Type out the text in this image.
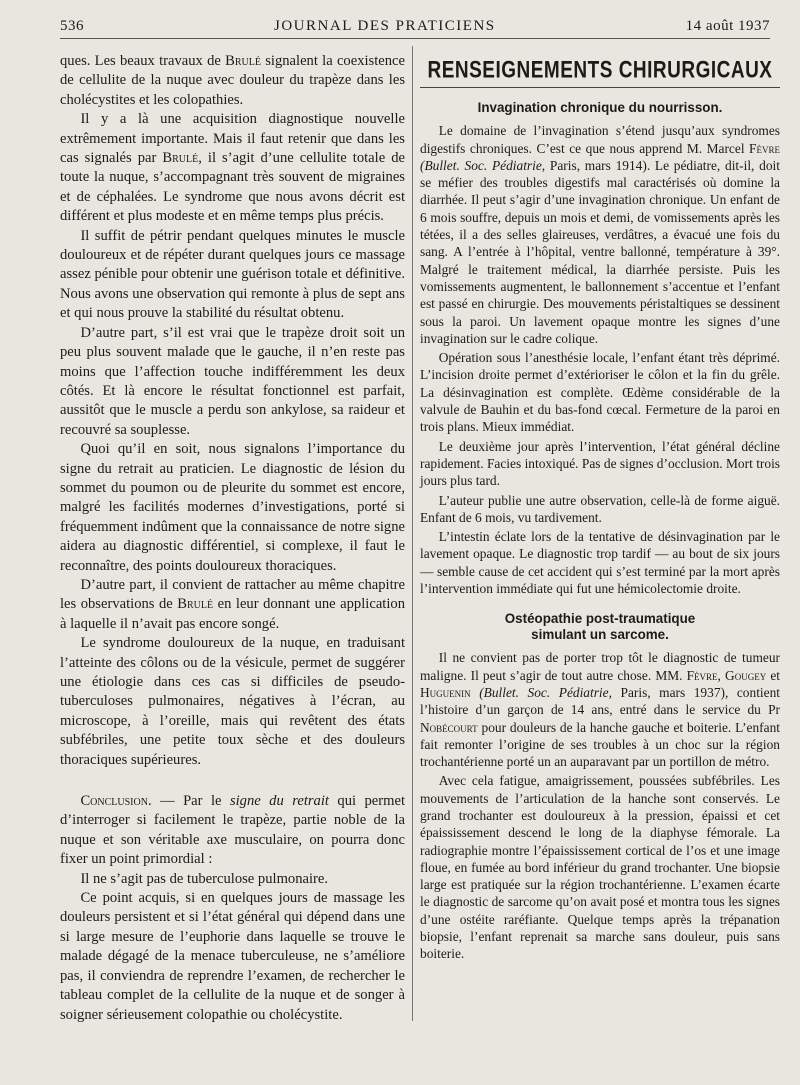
536	JOURNAL DES PRATICIENS	14 août 1937

ques. Les beaux travaux de Brulé signalent la coexistence de cellulite de la nuque avec douleur du trapèze dans les cholécystites et les colopathies.

Il y a là une acquisition diagnostique nouvelle extrêmement importante. Mais il faut retenir que dans les cas signalés par Brulé, il s’agit d’une cellulite totale de toute la nuque, s’accompagnant très souvent de migraines et de céphalées. Le syndrome que nous avons décrit est différent et plus modeste et en même temps plus précis.

Il suffit de pétrir pendant quelques minutes le muscle douloureux et de répéter durant quelques jours ce massage assez pénible pour obtenir une guérison totale et définitive. Nous avons une observation qui remonte à plus de sept ans et qui nous prouve la stabilité du résultat obtenu.

D’autre part, s’il est vrai que le trapèze droit soit un peu plus souvent malade que le gauche, il n’en reste pas moins que l’affection touche indifféremment les deux côtés. Et là encore le résultat fonctionnel est parfait, aussitôt que le muscle a perdu son ankylose, sa raideur et recouvré sa souplesse.

Quoi qu’il en soit, nous signalons l’importance du signe du retrait au praticien. Le diagnostic de lésion du sommet du poumon ou de pleurite du sommet est encore, malgré les facilités modernes d’investigations, porté si fréquemment indûment que la connaissance de notre signe aidera au diagnostic différentiel, si complexe, il faut le reconnaître, des points douloureux thoraciques.

D’autre part, il convient de rattacher au même chapitre les observations de Brulé en leur donnant une application à laquelle il n’avait pas encore songé.

Le syndrome douloureux de la nuque, en traduisant l’atteinte des côlons ou de la vésicule, permet de suggérer une étiologie dans ces cas si difficiles de pseudo-tuberculoses pulmonaires, négatives à l’écran, au microscope, à l’oreille, mais qui revêtent des états subfébriles, une petite toux sèche et des douleurs thoraciques supérieures.

Conclusion. — Par le signe du retrait qui permet d’interroger si facilement le trapèze, partie noble de la nuque et son véritable axe musculaire, on pourra donc fixer un point primordial :

Il ne s’agit pas de tuberculose pulmonaire.

Ce point acquis, si en quelques jours de massage les douleurs persistent et si l’état général qui dépend dans une si large mesure de l’euphorie dans laquelle se trouve le malade dégagé de la menace tuberculeuse, ne s’améliore pas, il conviendra de reprendre l’examen, de rechercher le tableau complet de la cellulite de la nuque et de songer à soigner sérieusement colopathie ou cholécystite.

RENSEIGNEMENTS CHIRURGICAUX
Invagination chronique du nourrisson.

Le domaine de l’invagination s’étend jusqu’aux syndromes digestifs chroniques. C’est ce que nous apprend M. Marcel Fèvre (Bullet. Soc. Pédiatrie, Paris, mars 1914). Le pédiatre, dit-il, doit se méfier des troubles digestifs mal caractérisés où domine la diarrhée. Il peut s’agir d’une invagination chronique. Un enfant de 6 mois souffre, depuis un mois et demi, de vomissements après les tétées, il a des selles glaireuses, verdâtres, a évacué une fois du sang. A l’entrée à l’hôpital, ventre ballonné, température à 39°. Malgré le traitement médical, la diarrhée persiste. Puis les vomissements augmentent, le ballonnement s’accentue et l’enfant est passé en chirurgie. Des mouvements péristaltiques se dessinent sous la paroi. Un lavement opaque montre les signes d’une invagination sur le cadre colique.

Opération sous l’anesthésie locale, l’enfant étant très déprimé. L’incision droite permet d’extérioriser le côlon et la fin du grêle. La désinvagination est complète. Œdème considérable de la valvule de Bauhin et du bas-fond cœcal. Fermeture de la paroi en trois plans. Mieux immédiat.

Le deuxième jour après l’intervention, l’état général décline rapidement. Facies intoxiqué. Pas de signes d’occlusion. Mort trois jours plus tard.

L’auteur publie une autre observation, celle-là de forme aiguë. Enfant de 6 mois, vu tardivement.

L’intestin éclate lors de la tentative de désinvagination par le lavement opaque. Le diagnostic trop tardif — au bout de six jours — semble cause de cet accident qui s’est terminé par la mort après l’intervention immédiate qui fut une hémicolectomie droite.

Ostéopathie post-traumatique
simulant un sarcome.

Il ne convient pas de porter trop tôt le diagnostic de tumeur maligne. Il peut s’agir de tout autre chose. MM. Fèvre, Gougey et Huguenin (Bullet. Soc. Pédiatrie, Paris, mars 1937), contient l’histoire d’un garçon de 14 ans, entré dans le service du Pr Nobécourt pour douleurs de la hanche gauche et boiterie. L’enfant fait remonter l’origine de ses troubles à un choc sur la région trochantérienne porté un an auparavant par un portillon de métro.

Avec cela fatigue, amaigrissement, poussées subfébriles. Les mouvements de l’articulation de la hanche sont conservés. Le grand trochanter est douloureux à la pression, épaissi et cet épaississement descend le long de la diaphyse fémorale. La radiographie montre l’épaississement cortical de l’os et une image floue, en fumée au bord inférieur du grand trochanter. Une biopsie large est pratiquée sur la région trochantérienne. L’examen écarte le diagnostic de sarcome qu’on avait posé et montra tous les signes d’une ostéite raréfiante. Quelque temps après la trépanation biopsie, l’enfant reprenait sa marche sans douleur, puis sans boiterie.
